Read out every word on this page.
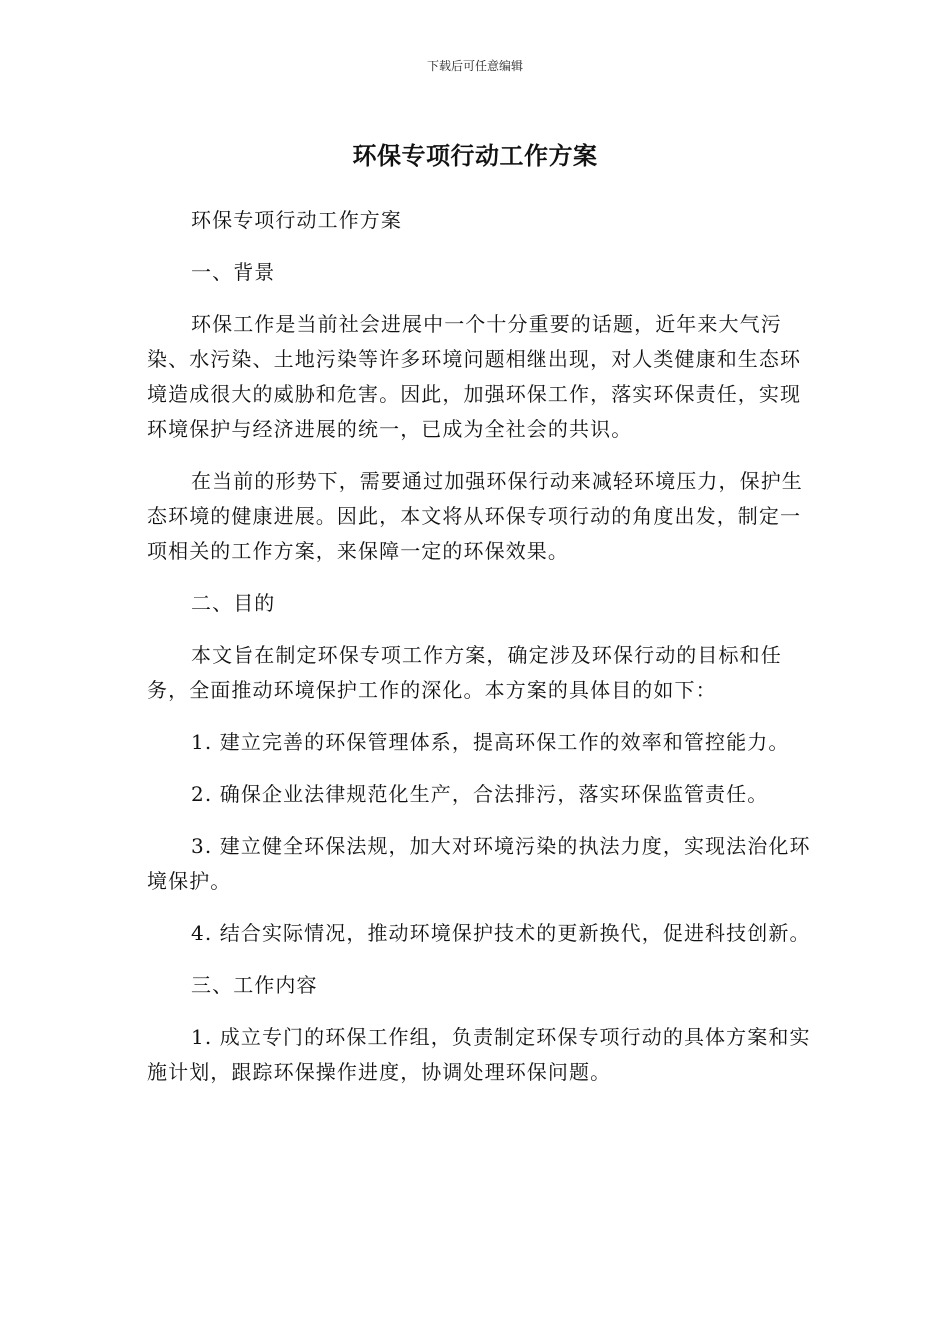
下载后可任意编辑
环保专项行动工作方案

环保专项行动工作方案

一、背景

环保工作是当前社会进展中一个十分重要的话题，近年来大气污染、水污染、土地污染等许多环境问题相继出现，对人类健康和生态环境造成很大的威胁和危害。因此，加强环保工作，落实环保责任，实现环境保护与经济进展的统一，已成为全社会的共识。

在当前的形势下，需要通过加强环保行动来减轻环境压力，保护生态环境的健康进展。因此，本文将从环保专项行动的角度出发，制定一项相关的工作方案，来保障一定的环保效果。

二、目的

本文旨在制定环保专项工作方案，确定涉及环保行动的目标和任务，全面推动环境保护工作的深化。本方案的具体目的如下：

1. 建立完善的环保管理体系，提高环保工作的效率和管控能力。

2. 确保企业法律规范化生产，合法排污，落实环保监管责任。

3. 建立健全环保法规，加大对环境污染的执法力度，实现法治化环境保护。

4. 结合实际情况，推动环境保护技术的更新换代，促进科技创新。

三、工作内容

1. 成立专门的环保工作组，负责制定环保专项行动的具体方案和实施计划，跟踪环保操作进度，协调处理环保问题。
